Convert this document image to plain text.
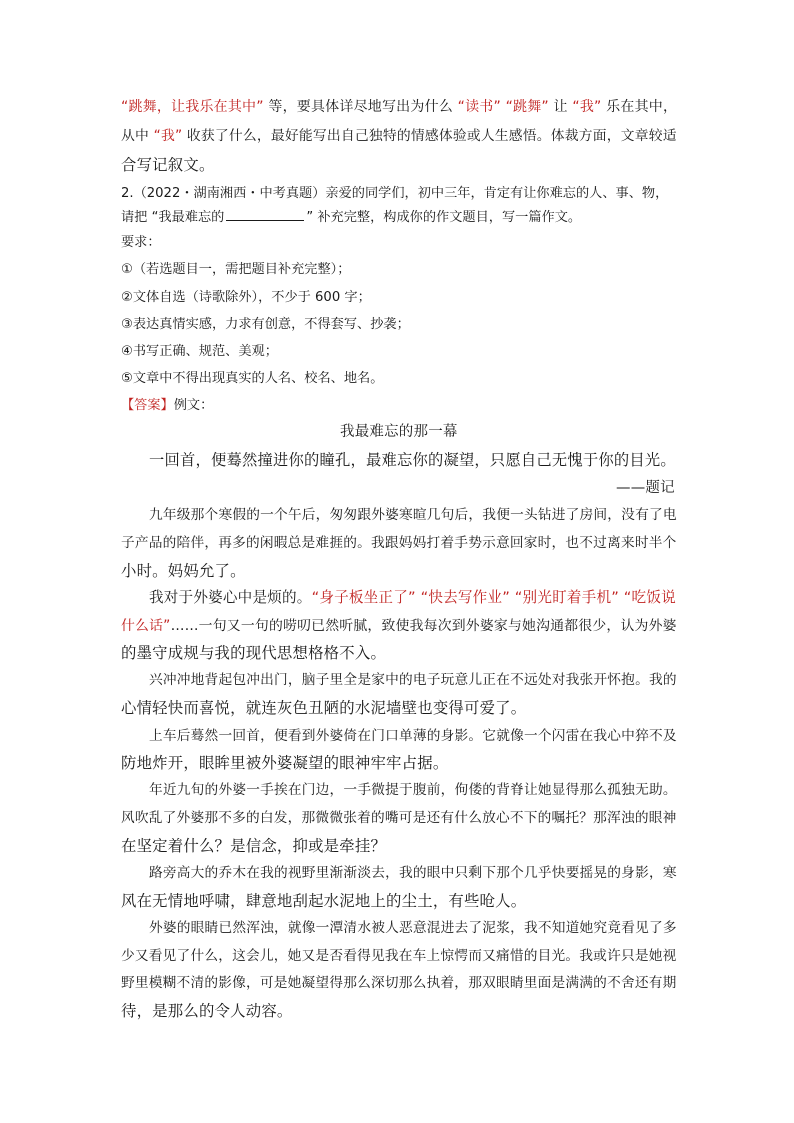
“跳舞，让我乐在其中” 等，要具体详尽地写出为什么 “读书” “跳舞” 让 “我” 乐在其中，
从中 “我” 收获了什么，最好能写出自己独特的情感体验或人生感悟。体裁方面，文章较适
合写记叙文。
2.（2022・湖南湘西・中考真题）亲爱的同学们，初中三年，肯定有让你难忘的人、事、物，
请把 “我最难忘的	” 补充完整，构成你的作文题目，写一篇作文。
要求：
①（若选题目一，需把题目补充完整）；
②文体自选（诗歌除外），不少于 600 字；
③表达真情实感，力求有创意，不得套写、抄袭；
④书写正确、规范、美观；
⑤文章中不得出现真实的人名、校名、地名。
【答案】例文：
我最难忘的那一幕
一回首，便蓦然撞进你的瞳孔，最难忘你的凝望，只愿自己无愧于你的目光。
——题记
九年级那个寒假的一个午后，匆匆跟外婆寒暄几句后，我便一头钻进了房间，没有了电
子产品的陪伴，再多的闲暇总是难捱的。我跟妈妈打着手势示意回家时，也不过离来时半个
小时。妈妈允了。
我对于外婆心中是烦的。“身子板坐正了” “快去写作业” “别光盯着手机” “吃饭说
什么话”……一句又一句的唠叨已然听腻，致使我每次到外婆家与她沟通都很少，认为外婆
的墨守成规与我的现代思想格格不入。
兴冲冲地背起包冲出门，脑子里全是家中的电子玩意儿正在不远处对我张开怀抱。我的
心情轻快而喜悦，就连灰色丑陋的水泥墙壁也变得可爱了。
上车后蓦然一回首，便看到外婆倚在门口单薄的身影。它就像一个闪雷在我心中猝不及
防地炸开，眼眸里被外婆凝望的眼神牢牢占据。
年近九旬的外婆一手挨在门边，一手微提于腹前，佝偻的背脊让她显得那么孤独无助。
风吹乱了外婆那不多的白发，那微微张着的嘴可是还有什么放心不下的嘱托？那浑浊的眼神
在坚定着什么？是信念，抑或是牵挂？
路旁高大的乔木在我的视野里渐渐淡去，我的眼中只剩下那个几乎快要摇晃的身影，寒
风在无情地呼啸，肆意地刮起水泥地上的尘土，有些呛人。
外婆的眼睛已然浑浊，就像一潭清水被人恶意混进去了泥浆，我不知道她究竟看见了多
少又看见了什么，这会儿，她又是否看得见我在车上惊愕而又痛惜的目光。我或许只是她视
野里模糊不清的影像，可是她凝望得那么深切那么执着，那双眼睛里面是满满的不舍还有期
待，是那么的令人动容。
